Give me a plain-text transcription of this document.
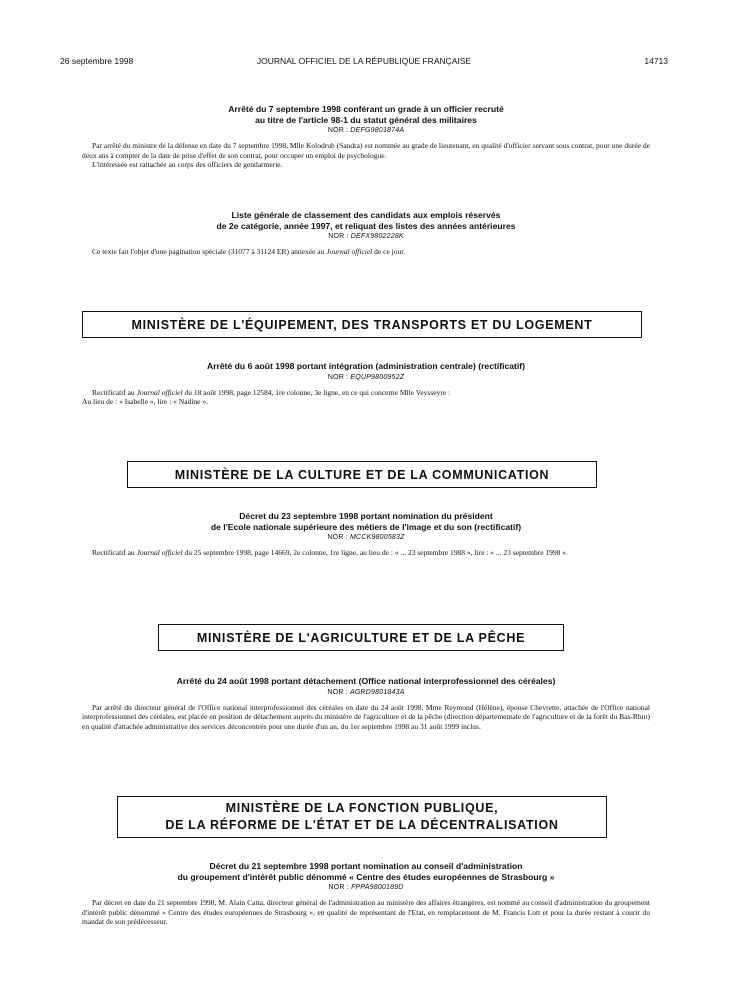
26 septembre 1998	JOURNAL OFFICIEL DE LA RÉPUBLIQUE FRANÇAISE	14713
Arrêté du 7 septembre 1998 conférant un grade à un officier recruté
au titre de l'article 98-1 du statut général des militaires
NOR : DEFG9801874A

Par arrêté du ministre de la défense en date du 7 septembre 1998, Mlle Kolodrub (Sandra) est nommée au grade de lieutenant, en qualité d'officier servant sous contrat, pour une durée de deux ans à compter de la date de prise d'effet de son contrat, pour occuper un emploi de psychologue.

L'intéressée est rattachée au corps des officiers de gendarmerie.

Liste générale de classement des candidats aux emplois réservés
de 2e catégorie, année 1997, et reliquat des listes des années antérieures
NOR : DEFX9802228K

Ce texte fait l'objet d'une pagination spéciale (31077 à 31124 ER) annexée au Journal officiel de ce jour.

MINISTÈRE DE L'ÉQUIPEMENT, DES TRANSPORTS ET DU LOGEMENT
Arrêté du 6 août 1998 portant intégration (administration centrale) (rectificatif)
NOR : EQUP9800952Z

Rectificatif au Journal officiel du 18 août 1998, page 12584, 1re colonne, 3e ligne, en ce qui concerne Mlle Veysseyre :

Au lieu de : « Isabelle », lire : « Nadine ».

MINISTÈRE DE LA CULTURE ET DE LA COMMUNICATION
Décret du 23 septembre 1998 portant nomination du président
de l'Ecole nationale supérieure des métiers de l'image et du son (rectificatif)
NOR : MCCK9800583Z

Rectificatif au Journal officiel du 25 septembre 1998, page 14669, 2e colonne, 1re ligne, au lieu de : « ... 23 septembre 1988 », lire : « ... 23 septembre 1998 ».

MINISTÈRE DE L'AGRICULTURE ET DE LA PÊCHE
Arrêté du 24 août 1998 portant détachement (Office national interprofessionnel des céréales)
NOR : AGRD9801843A

Par arrêté du directeur général de l'Office national interprofessionnel des céréales en date du 24 août 1998, Mme Reymond (Hélène), épouse Chevrette, attachée de l'Office national interprofessionnel des céréales, est placée en position de détachement auprès du ministère de l'agriculture et de la pêche (direction départementale de l'agriculture et de la forêt du Bas-Rhin) en qualité d'attachée administrative des services déconcentrés pour une durée d'un an, du 1er septembre 1998 au 31 août 1999 inclus.

MINISTÈRE DE LA FONCTION PUBLIQUE,
DE LA RÉFORME DE L'ÉTAT ET DE LA DÉCENTRALISATION
Décret du 21 septembre 1998 portant nomination au conseil d'administration
du groupement d'intérêt public dénommé « Centre des études européennes de Strasbourg »
NOR : FPPA9800189D

Par décret en date du 21 septembre 1998, M. Alain Catta, directeur général de l'administration au ministère des affaires étrangères, est nommé au conseil d'administration du groupement d'intérêt public dénommé « Centre des études européennes de Strasbourg », en qualité de représentant de l'Etat, en remplacement de M. Francis Lott et pour la durée restant à courir du mandat de son prédécesseur.
